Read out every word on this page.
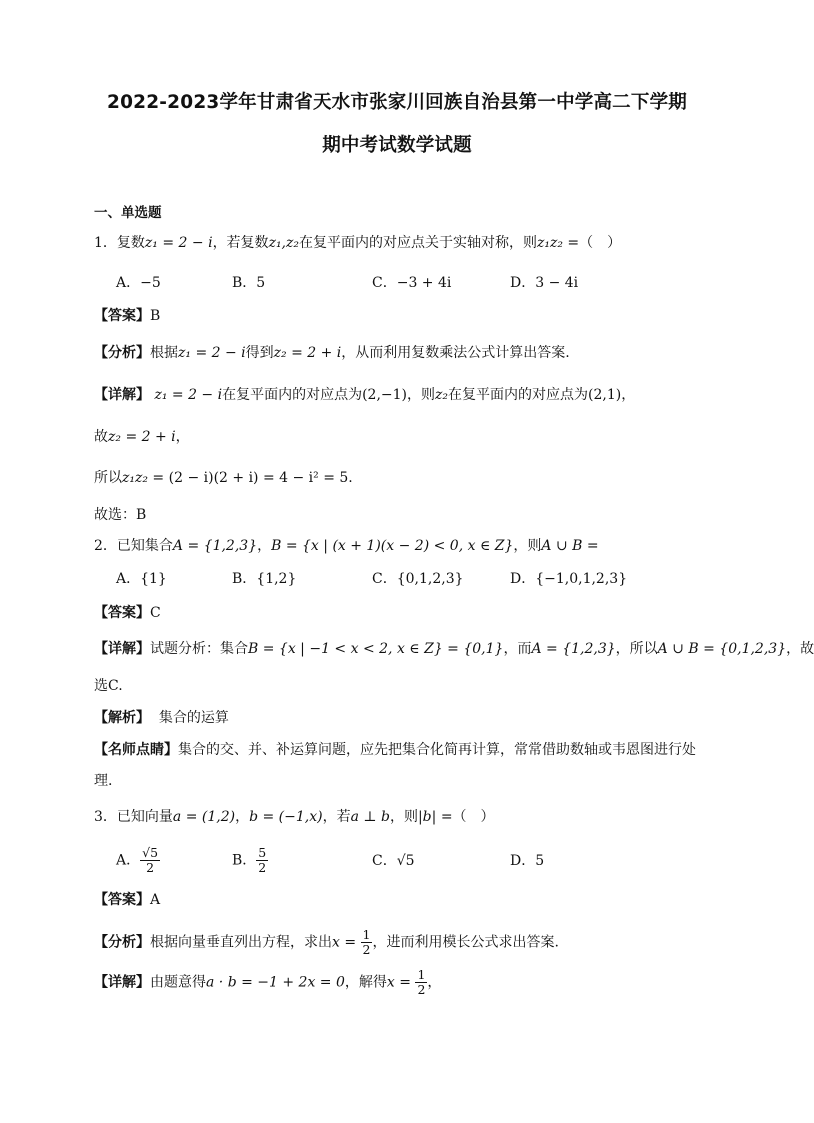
2022-2023学年甘肃省天水市张家川回族自治县第一中学高二下学期
期中考试数学试题
一、单选题
1．复数z₁ = 2 − i，若复数z₁,z₂在复平面内的对应点关于实轴对称，则z₁z₂ =（　）
A．−5	B．5	C．−3 + 4i	D．3 − 4i
【答案】B
【分析】根据z₁ = 2 − i得到z₂ = 2 + i，从而利用复数乘法公式计算出答案.
【详解】 z₁ = 2 − i在复平面内的对应点为(2,−1)，则z₂在复平面内的对应点为(2,1)，
故z₂ = 2 + i，
所以z₁z₂ = (2 − i)(2 + i) = 4 − i² = 5.
故选：B
2．已知集合A = {1,2,3}，B = {x | (x + 1)(x − 2) < 0, x ∈ Z}，则A ∪ B =
A．{1}	B．{1,2}	C．{0,1,2,3}	D．{−1,0,1,2,3}
【答案】C
【详解】试题分析：集合B = {x | −1 < x < 2, x ∈ Z} = {0,1}，而A = {1,2,3}，所以A ∪ B = {0,1,2,3}，故
选C.
【解析】 集合的运算
【名师点睛】集合的交、并、补运算问题，应先把集合化简再计算，常常借助数轴或韦恩图进行处
理.
3．已知向量a = (1,2)，b = (−1,x)，若a ⊥ b，则|b| =（　）
A． $\frac{√5}{2}$	B． $\frac{5}{2}$	C．√5	D．5
【答案】A
【分析】根据向量垂直列出方程，求出$x = \frac{1}{2}$ ，进而利用模长公式求出答案.
【详解】由题意得a · b = −1 + 2x = 0，解得$x = \frac{1}{2}$ ，
